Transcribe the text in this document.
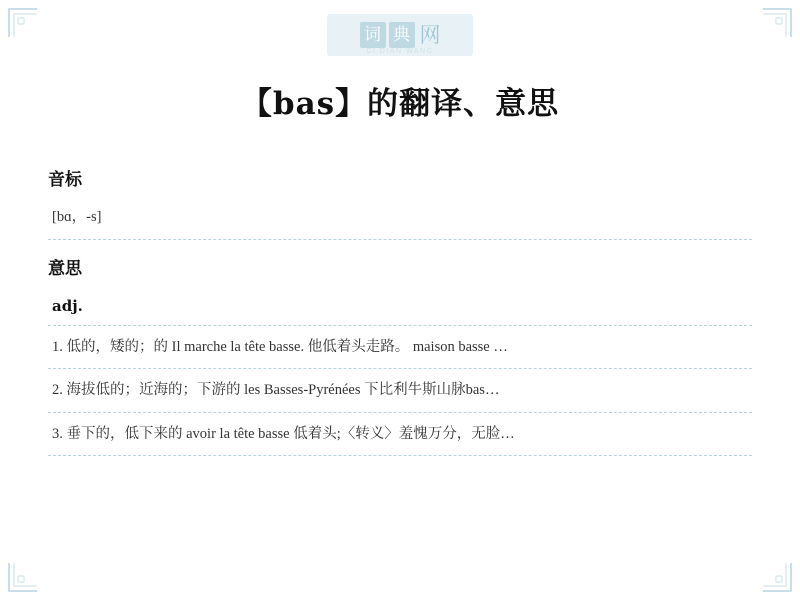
词 典 网
CI DIAN WANG
【bas】的翻译、意思
音标
[bɑ，-s]
意思
adj.
1. 低的，矮的；的 Il marche la tête basse. 他低着头走路。 maison basse …
2. 海拔低的；近海的；下游的 les Basses-Pyrénées 下比利牛斯山脉bas…
3. 垂下的，低下来的 avoir la tête basse 低着头;〈转义〉羞愧万分，无脸…
